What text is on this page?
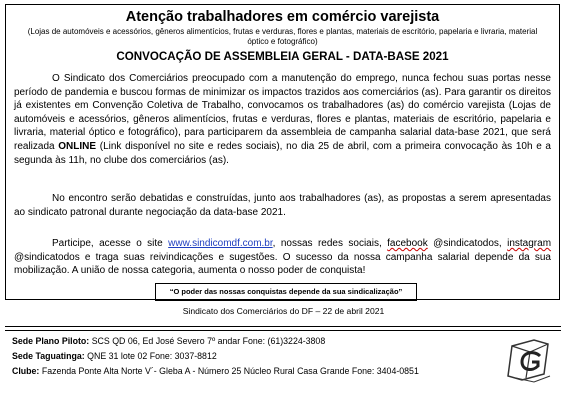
Atenção trabalhadores em comércio varejista
(Lojas de automóveis e acessórios, gêneros alimentícios, frutas e verduras, flores e plantas, materiais de escritório, papelaria e livraria, material óptico e fotográfico)
CONVOCAÇÃO DE ASSEMBLEIA GERAL - DATA-BASE 2021

O Sindicato dos Comerciários preocupado com a manutenção do emprego, nunca fechou suas portas nesse período de pandemia e buscou formas de minimizar os impactos trazidos aos comerciários (as). Para garantir os direitos já existentes em Convenção Coletiva de Trabalho, convocamos os trabalhadores (as) do comércio varejista (Lojas de automóveis e acessórios, gêneros alimentícios, frutas e verduras, flores e plantas, materiais de escritório, papelaria e livraria, material óptico e fotográfico), para participarem da assembleia de campanha salarial data-base 2021, que será realizada ONLINE (Link disponível no site e redes sociais), no dia 25 de abril, com a primeira convocação às 10h e a segunda às 11h, no clube dos comerciários (as).

No encontro serão debatidas e construídas, junto aos trabalhadores (as), as propostas a serem apresentadas ao sindicato patronal durante negociação da data-base 2021.

Participe, acesse o site www.sindicomdf.com.br, nossas redes sociais, facebook @sindicatodos, instagram @sindicatodos e traga suas reivindicações e sugestões. O sucesso da nossa campanha salarial depende da sua mobilização. A união de nossa categoria, aumenta o nosso poder de conquista!

“O poder das nossas conquistas depende da sua sindicalização”
Sindicato dos Comerciários do DF – 22 de abril 2021
Sede Plano Piloto: SCS QD 06, Ed José Severo 7º andar Fone: (61)3224-3808
Sede Taguatinga: QNE 31 lote 02 Fone: 3037-8812
Clube: Fazenda Ponte Alta Norte V´- Gleba A - Número 25 Núcleo Rural Casa Grande Fone: 3404-0851
